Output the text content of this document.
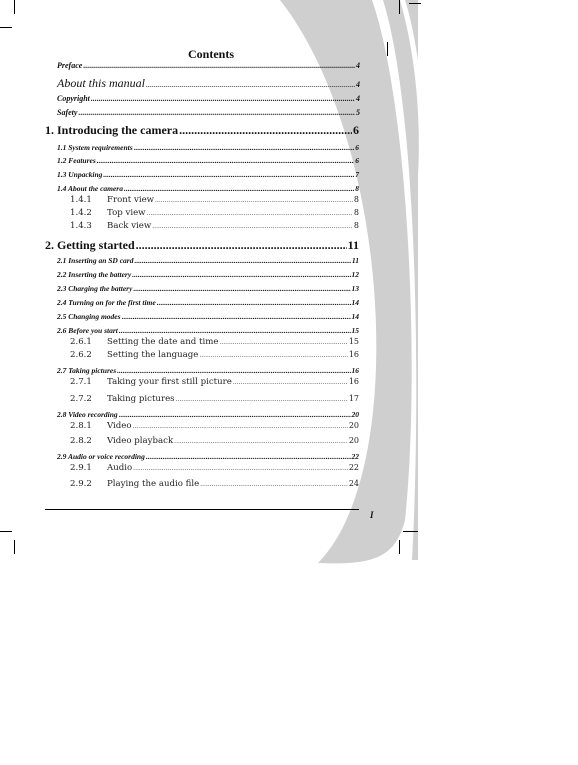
Contents
Preface .....	4
About this manual .....	4
Copyright .....	4
Safety .....	5
1. Introducing the camera .....	6
1.1 System requirements .....	6
1.2 Features .....	6
1.3 Unpacking .....	7
1.4 About the camera .....	8
1.4.1 Front view .....	8
1.4.2 Top view .....	8
1.4.3 Back view .....	8
2. Getting started .....	11
2.1 Inserting an SD card .....	11
2.2 Inserting the battery .....	12
2.3 Charging the battery .....	13
2.4 Turning on for the first time .....	14
2.5 Changing modes .....	14
2.6 Before you start .....	15
2.6.1 Setting the date and time .....	15
2.6.2 Setting the language .....	16
2.7 Taking pictures .....	16
2.7.1 Taking your first still picture .....	16
2.7.2 Taking pictures .....	17
2.8 Video recording .....	20
2.8.1 Video .....	20
2.8.2 Video playback .....	20
2.9 Audio or voice recording .....	22
2.9.1 Audio .....	22
2.9.2 Playing the audio file .....	24
I
